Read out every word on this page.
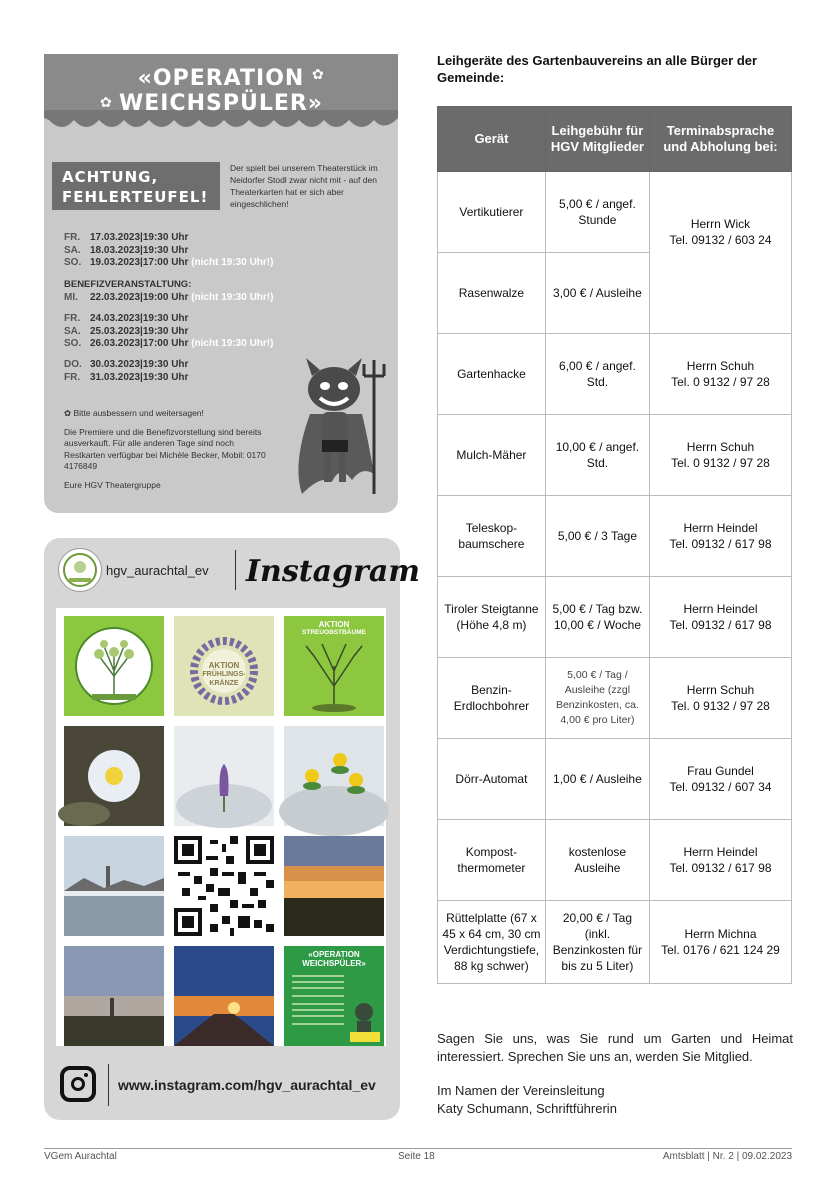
✿
✿
«OPERATION
WEICHSPÜLER»
ACHTUNG,
FEHLERTEUFEL!
Der spielt bei unserem Theaterstück im Neidorfer Stodl zwar nicht mit - auf den Theaterkarten hat er sich aber eingeschlichen!
FR. 17.03.2023|19:30 Uhr
SA. 18.03.2023|19:30 Uhr
SO. 19.03.2023|17:00 Uhr (nicht 19:30 Uhr!)
BENEFIZVERANSTALTUNG:
MI. 22.03.2023|19:00 Uhr (nicht 19:30 Uhr!)
FR. 24.03.2023|19:30 Uhr
SA. 25.03.2023|19:30 Uhr
SO. 26.03.2023|17:00 Uhr (nicht 19:30 Uhr!)
DO. 30.03.2023|19:30 Uhr
FR. 31.03.2023|19:30 Uhr

✿ Bitte ausbessern und weitersagen!

Die Premiere und die Benefizvorstellung sind bereits ausverkauft. Für alle anderen Tage sind noch Restkarten verfügbar bei Michèle Becker, Mobil: 0170 4176849

Eure HGV Theatergruppe

hgv_aurachtal_ev Instagram
AKTION
FRÜHLINGS-
KRÄNZE
AKTION
STREUOBSTBÄUME
«OPERATION
WEICHSPÜLER»
www.instagram.com/hgv_aurachtal_ev
Leihgeräte des Gartenbauvereins an alle Bürger der Gemeinde:
Gerät	Leihgebühr für HGV Mitglieder	Terminabsprache und Abholung bei:
Vertikutierer	5,00 € / angef. Stunde	Herrn Wick
Tel. 09132 / 603 24

Rasenwalze	3,00 € / Ausleihe	
Gartenhacke	6,00 € / angef. Std.	Herrn Schuh
Tel. 0 9132 / 97 28

Mulch-Mäher	10,00 € / angef. Std.	Herrn Schuh
Tel. 0 9132 / 97 28

Teleskop-baumschere	5,00 € / 3 Tage	Herrn Heindel
Tel. 09132 / 617 98

Tiroler Steigtanne (Höhe 4,8 m)	5,00 € / Tag bzw. 10,00 € / Woche	Herrn Heindel
Tel. 09132 / 617 98

Benzin-Erdlochbohrer	5,00 € / Tag / Ausleihe (zzgl Benzinkosten, ca. 4,00 € pro Liter)	Herrn Schuh
Tel. 0 9132 / 97 28

Dörr-Automat	1,00 € / Ausleihe	Frau Gundel
Tel. 09132 / 607 34

Kompost-thermometer	kostenlose Ausleihe	Herrn Heindel
Tel. 09132 / 617 98

Rüttelplatte (67 x 45 x 64 cm, 30 cm Verdichtungstiefe, 88 kg schwer)	20,00 € / Tag (inkl. Benzinkosten für bis zu 5 Liter)	Herrn Michna
Tel. 0176 / 621 124 29
Sagen Sie uns, was Sie rund um Garten und Heimat interessiert. Sprechen Sie uns an, werden Sie Mitglied.
Im Namen der Vereinsleitung
Katy Schumann, Schriftführerin
VGem Aurachtal	Seite 18	Amtsblatt | Nr. 2 | 09.02.2023
